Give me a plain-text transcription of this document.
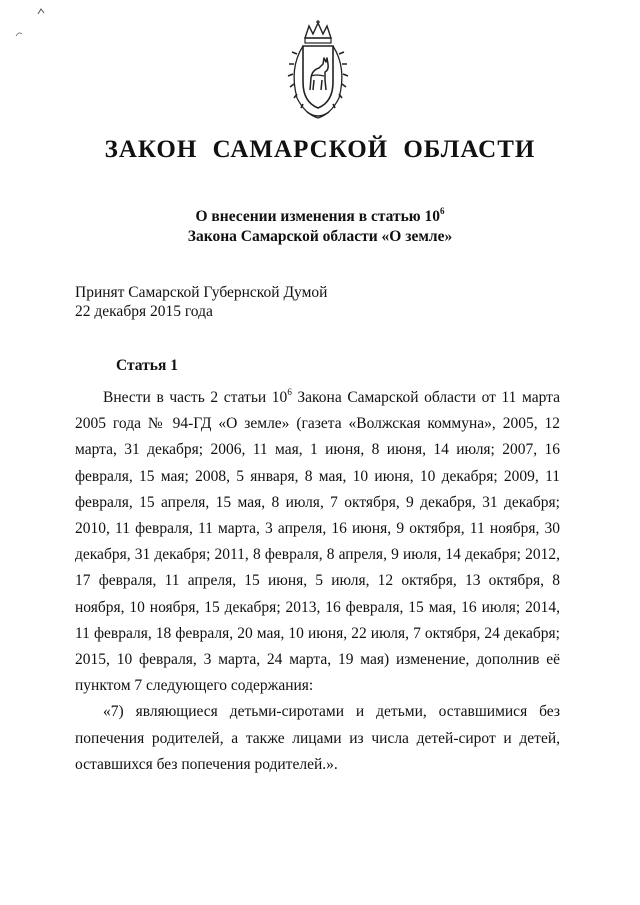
ЗАКОН САМАРСКОЙ ОБЛАСТИ
О внесении изменения в статью $10^6$
Закона Самарской области «О земле»
Принят Самарской Губернской Думой
22 декабря 2015 года
Статья 1

Внести в часть 2 статьи $10^6$ Закона Самарской области от 11 марта 2005 года № 94-ГД «О земле» (газета «Волжская коммуна», 2005, 12 марта, 31 декабря; 2006, 11 мая, 1 июня, 8 июня, 14 июля; 2007, 16 февраля, 15 мая; 2008, 5 января, 8 мая, 10 июня, 10 декабря; 2009, 11 февраля, 15 апреля, 15 мая, 8 июля, 7 октября, 9 декабря, 31 декабря; 2010, 11 февраля, 11 марта, 3 апреля, 16 июня, 9 октября, 11 ноября, 30 декабря, 31 декабря; 2011, 8 февраля, 8 апреля, 9 июля, 14 декабря; 2012, 17 февраля, 11 апреля, 15 июня, 5 июля, 12 октября, 13 октября, 8 ноября, 10 ноября, 15 декабря; 2013, 16 февраля, 15 мая, 16 июля; 2014, 11 февраля, 18 февраля, 20 мая, 10 июня, 22 июля, 7 октября, 24 декабря; 2015, 10 февраля, 3 марта, 24 марта, 19 мая) изменение, дополнив её пунктом 7 следующего содержания:

«7) являющиеся детьми-сиротами и детьми, оставшимися без попечения родителей, а также лицами из числа детей-сирот и детей, оставшихся без попечения родителей.».
